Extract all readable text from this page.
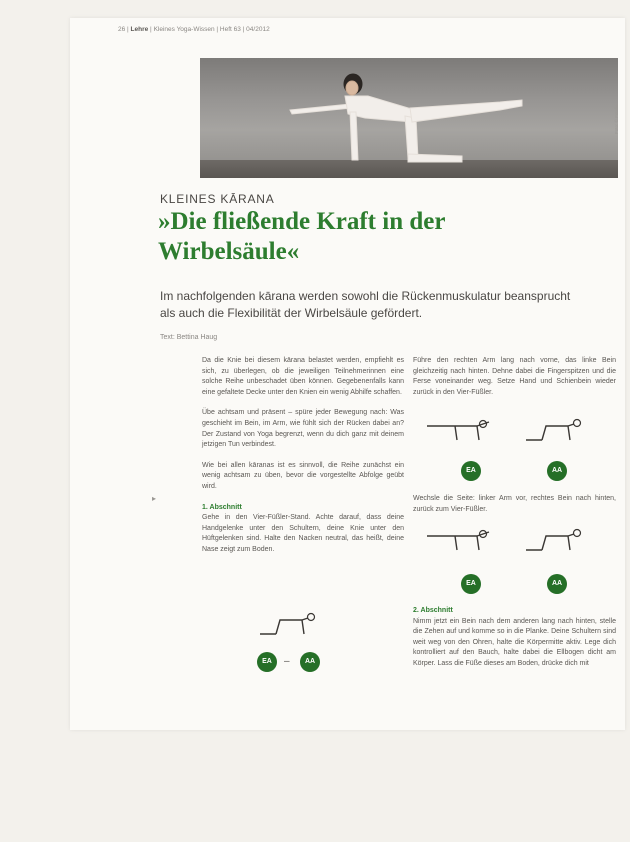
26 | Lehre | Kleines Yoga-Wissen | Heft 63 | 04/2012
Foto: © Fotolia
KLEINES KĀRANA
»Die fließende Kraft in der Wirbelsäule«

Im nachfolgenden kārana werden sowohl die Rückenmuskulatur beansprucht als auch die Flexibilität der Wirbelsäule gefördert.

Text: Bettina Haug
▸

Da die Knie bei diesem kārana belastet werden, empfiehlt es sich, zu überlegen, ob die jeweiligen Teilnehmerinnen eine solche Reihe unbeschadet üben können. Gegebenenfalls kann eine gefaltete Decke unter den Knien ein wenig Abhilfe schaffen.

Übe achtsam und präsent – spüre jeder Bewegung nach: Was geschieht im Bein, im Arm, wie fühlt sich der Rücken dabei an? Der Zustand von Yoga begrenzt, wenn du dich ganz mit deinem jetzigen Tun verbindest.

Wie bei allen kāranas ist es sinnvoll, die Reihe zunächst ein wenig achtsam zu üben, bevor die vorgestellte Abfolge geübt wird.

1. Abschnitt

Gehe in den Vier-Füßler-Stand. Achte darauf, dass deine Handgelenke unter den Schultern, deine Knie unter den Hüftgelenken sind. Halte den Nacken neutral, das heißt, deine Nase zeigt zum Boden.

EA	–	AA

Führe den rechten Arm lang nach vorne, das linke Bein gleichzeitig nach hinten. Dehne dabei die Fingerspitzen und die Ferse voneinander weg. Setze Hand und Schienbein wieder zurück in den Vier-Füßler.

EA	AA

Wechsle die Seite: linker Arm vor, rechtes Bein nach hinten, zurück zum Vier-Füßler.

EA	AA

2. Abschnitt

Nimm jetzt ein Bein nach dem anderen lang nach hinten, stelle die Zehen auf und komme so in die Planke. Deine Schultern sind weit weg von den Ohren, halte die Körpermitte aktiv. Lege dich kontrolliert auf den Bauch, halte dabei die Ellbogen dicht am Körper. Lass die Füße dieses am Boden, drücke dich mit
